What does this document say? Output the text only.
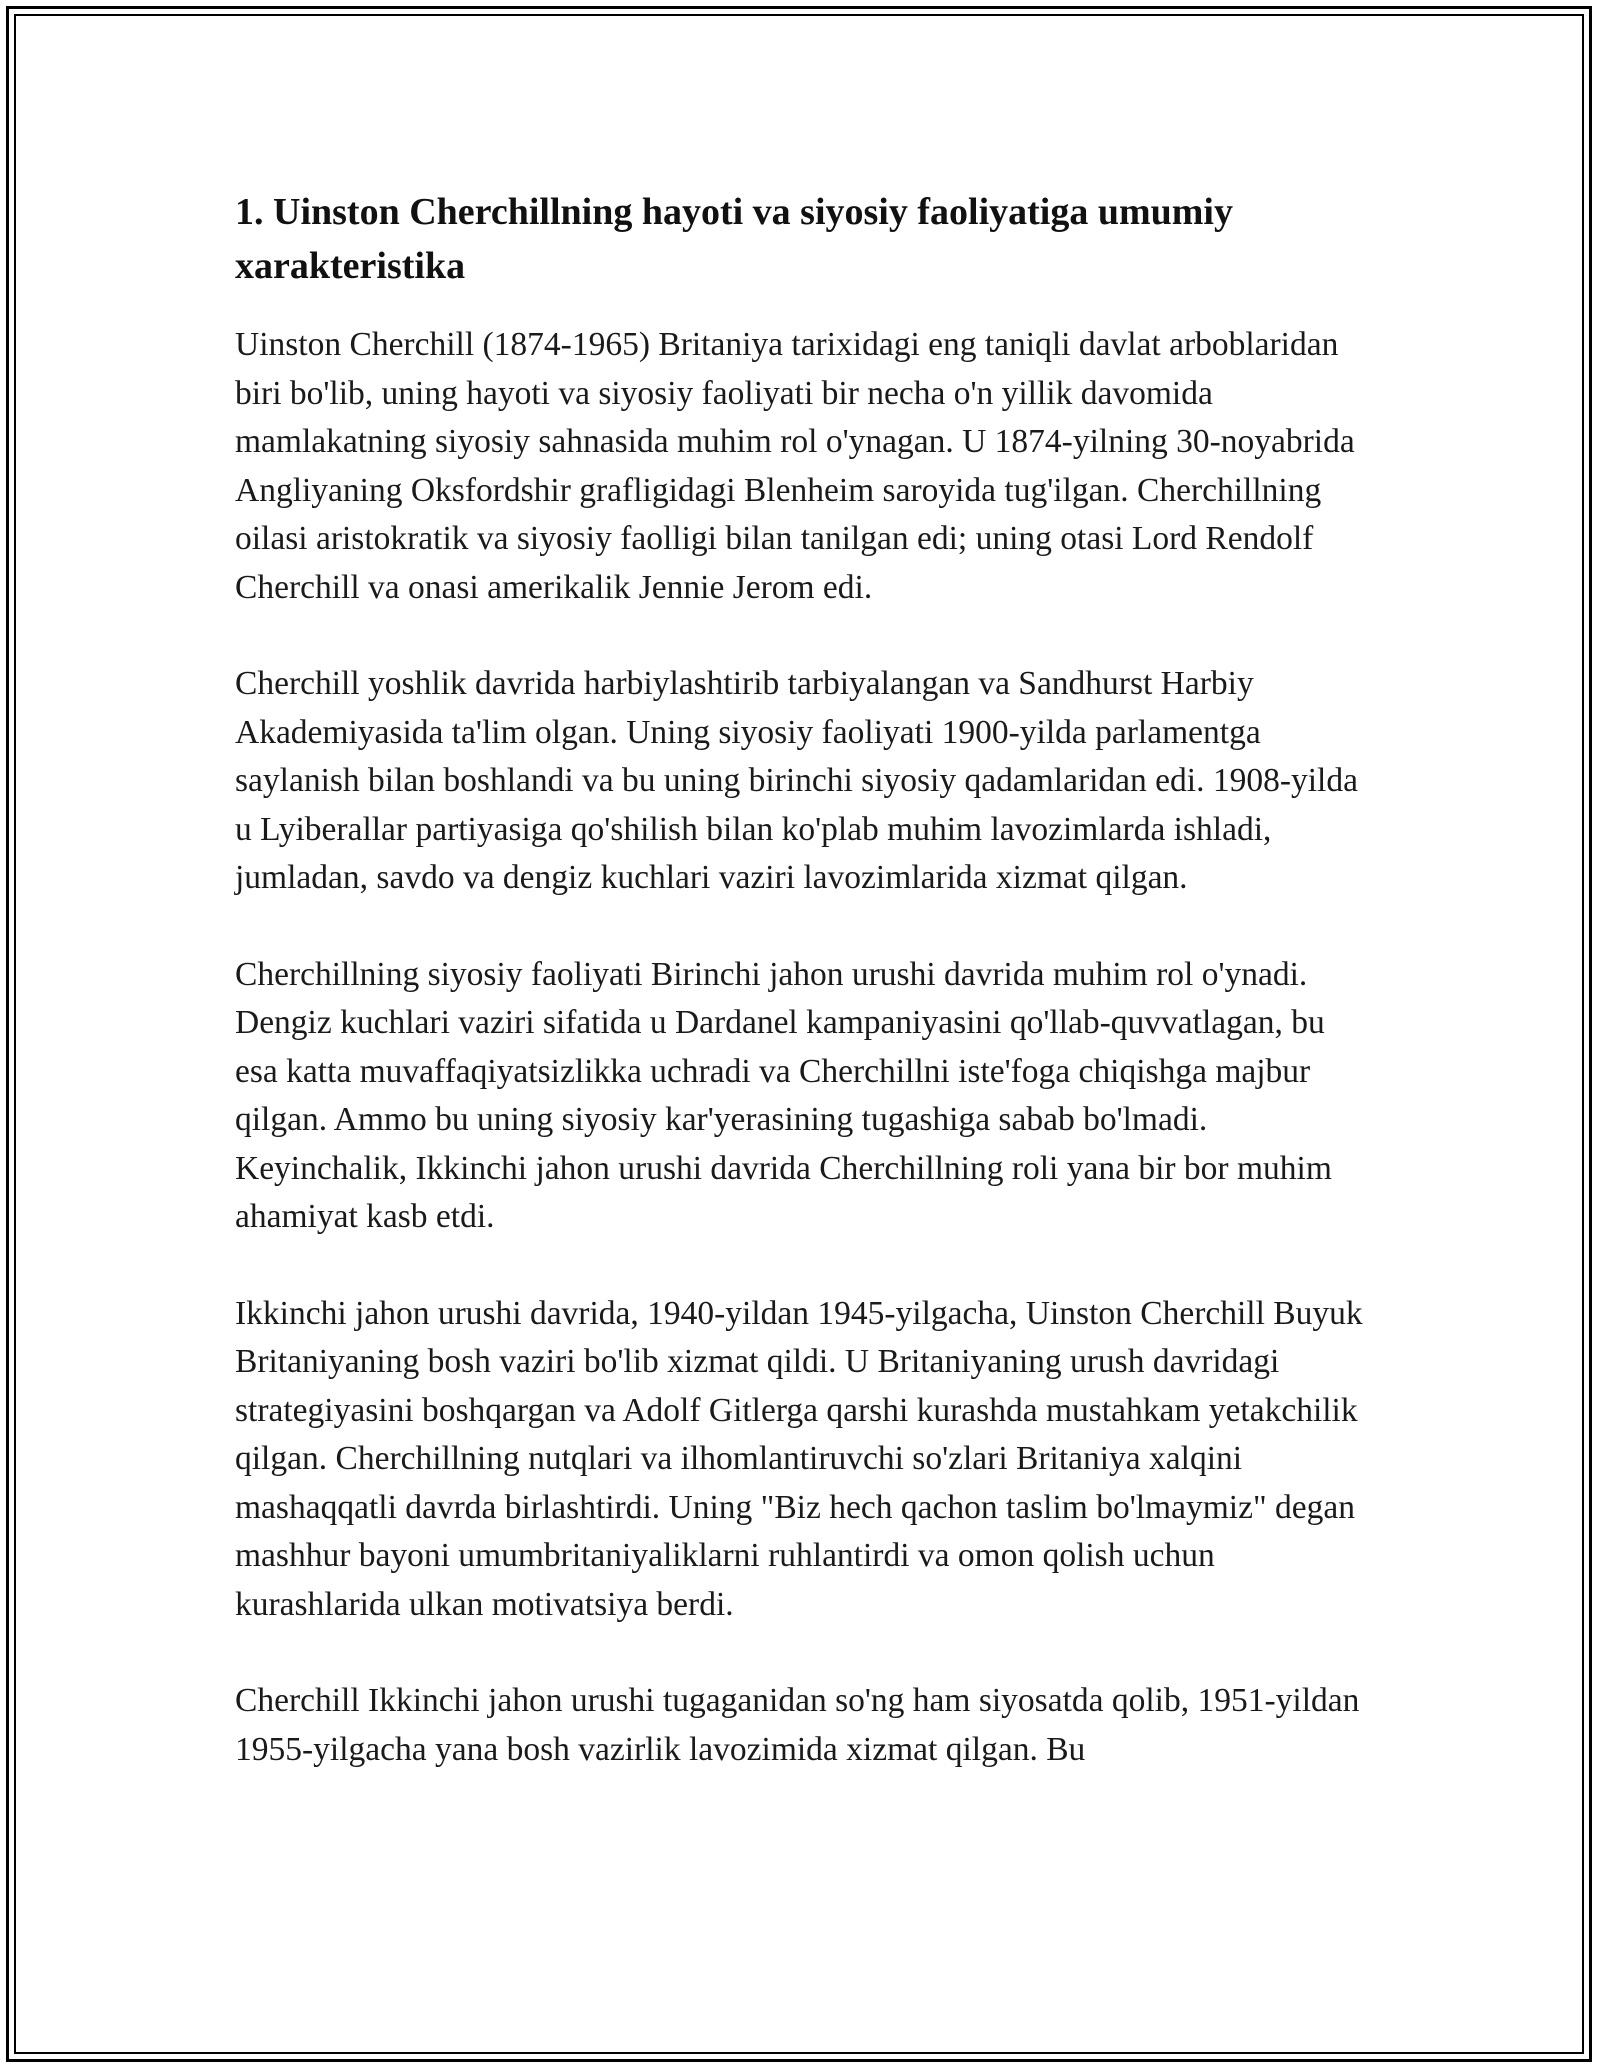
1. Uinston Cherchillning hayoti va siyosiy faoliyatiga umumiy xarakteristika

Uinston Cherchill (1874-1965) Britaniya tarixidagi eng taniqli davlat arboblaridan biri bo'lib, uning hayoti va siyosiy faoliyati bir necha o'n yillik davomida mamlakatning siyosiy sahnasida muhim rol o'ynagan. U 1874-yilning 30-noyabrida Angliyaning Oksfordshir grafligidagi Blenheim saroyida tug'ilgan. Cherchillning oilasi aristokratik va siyosiy faolligi bilan tanilgan edi; uning otasi Lord Rendolf Cherchill va onasi amerikalik Jennie Jerom edi.

Cherchill yoshlik davrida harbiylashtirib tarbiyalangan va Sandhurst Harbiy Akademiyasida ta'lim olgan. Uning siyosiy faoliyati 1900-yilda parlamentga saylanish bilan boshlandi va bu uning birinchi siyosiy qadamlaridan edi. 1908-yilda u Lyiberallar partiyasiga qo'shilish bilan ko'plab muhim lavozimlarda ishladi, jumladan, savdo va dengiz kuchlari vaziri lavozimlarida xizmat qilgan.

Cherchillning siyosiy faoliyati Birinchi jahon urushi davrida muhim rol o'ynadi. Dengiz kuchlari vaziri sifatida u Dardanel kampaniyasini qo'llab-quvvatlagan, bu esa katta muvaffaqiyatsizlikka uchradi va Cherchillni iste'foga chiqishga majbur qilgan. Ammo bu uning siyosiy kar'yerasining tugashiga sabab bo'lmadi. Keyinchalik, Ikkinchi jahon urushi davrida Cherchillning roli yana bir bor muhim ahamiyat kasb etdi.

Ikkinchi jahon urushi davrida, 1940-yildan 1945-yilgacha, Uinston Cherchill Buyuk Britaniyaning bosh vaziri bo'lib xizmat qildi. U Britaniyaning urush davridagi strategiyasini boshqargan va Adolf Gitlerga qarshi kurashda mustahkam yetakchilik qilgan. Cherchillning nutqlari va ilhomlantiruvchi so'zlari Britaniya xalqini mashaqqatli davrda birlashtirdi. Uning "Biz hech qachon taslim bo'lmaymiz" degan mashhur bayoni umumbritaniyaliklarni ruhlantirdi va omon qolish uchun kurashlarida ulkan motivatsiya berdi.

Cherchill Ikkinchi jahon urushi tugaganidan so'ng ham siyosatda qolib, 1951-yildan 1955-yilgacha yana bosh vazirlik lavozimida xizmat qilgan. Bu
